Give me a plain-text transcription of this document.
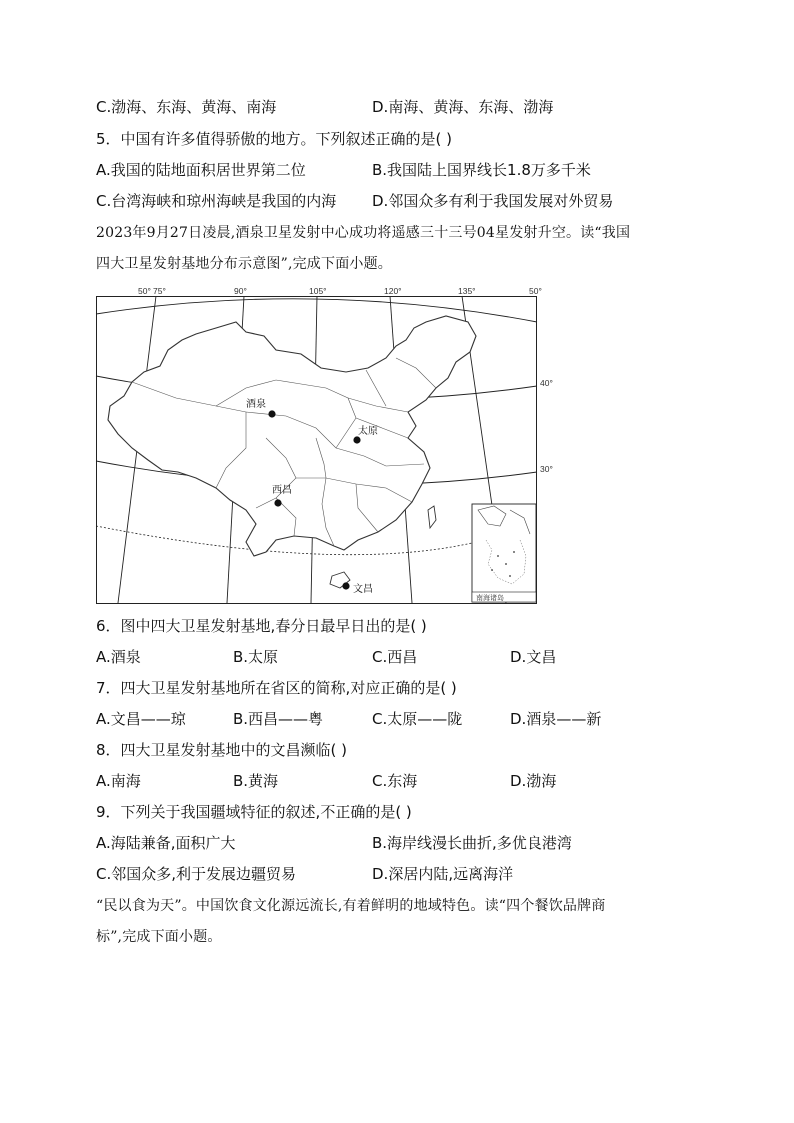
C.渤海、东海、黄海、南海	D.南海、黄海、东海、渤海
5．中国有许多值得骄傲的地方。下列叙述正确的是( )
A.我国的陆地面积居世界第二位	B.我国陆上国界线长1.8万多千米
C.台湾海峡和琼州海峡是我国的内海 D.邻国众多有利于我国发展对外贸易
2023年9月27日凌晨,酒泉卫星发射中心成功将遥感三十三号04星发射升空。读“我国
四大卫星发射基地分布示意图”,完成下面小题。
50° 75°	90°	105°	120°	135°	50°
40°
30°
南海诸岛
酒泉
太原
西昌
文昌
6．图中四大卫星发射基地,春分日最早日出的是( )
A.酒泉	B.太原	C.西昌	D.文昌
7．四大卫星发射基地所在省区的简称,对应正确的是( )
A.文昌——琼	B.西昌——粤	C.太原——陇	D.酒泉——新
8．四大卫星发射基地中的文昌濒临( )
A.南海	B.黄海	C.东海	D.渤海
9．下列关于我国疆域特征的叙述,不正确的是( )
A.海陆兼备,面积广大	B.海岸线漫长曲折,多优良港湾
C.邻国众多,利于发展边疆贸易	D.深居内陆,远离海洋
“民以食为天”。中国饮食文化源远流长,有着鲜明的地域特色。读“四个餐饮品牌商
标”,完成下面小题。
